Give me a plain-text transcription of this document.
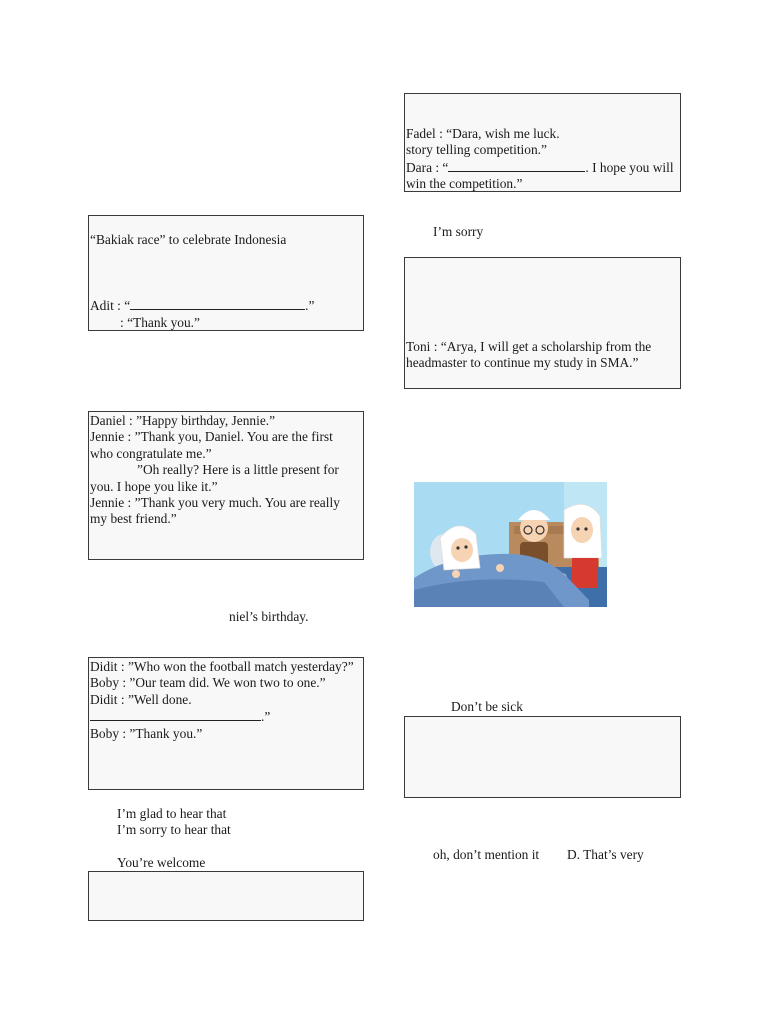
Fadel : “Dara, wish me luck.
story telling competition.”
Dara : “	. I hope you will
win the competition.”
“Bakiak race” to celebrate Indonesia
Adit : “	.”
: “Thank you.”
I’m sorry
Toni : “Arya, I will get a scholarship from the
headmaster to continue my study in SMA.”
Daniel : ”Happy birthday, Jennie.”
Jennie : ”Thank you, Daniel. You are the first
who congratulate me.”
”Oh really? Here is a little present for
you. I hope you like it.”
Jennie : ”Thank you very much. You are really
my best friend.”
niel’s birthday.
Didit : ”Who won the football match yesterday?”
Boby : ”Our team did. We won two to one.”
Didit : ”Well done.
.”
Boby : ”Thank you.”
Don’t be sick
I’m glad to hear that
I’m sorry to hear that
You’re welcome
oh, don’t mention it D. That’s very
